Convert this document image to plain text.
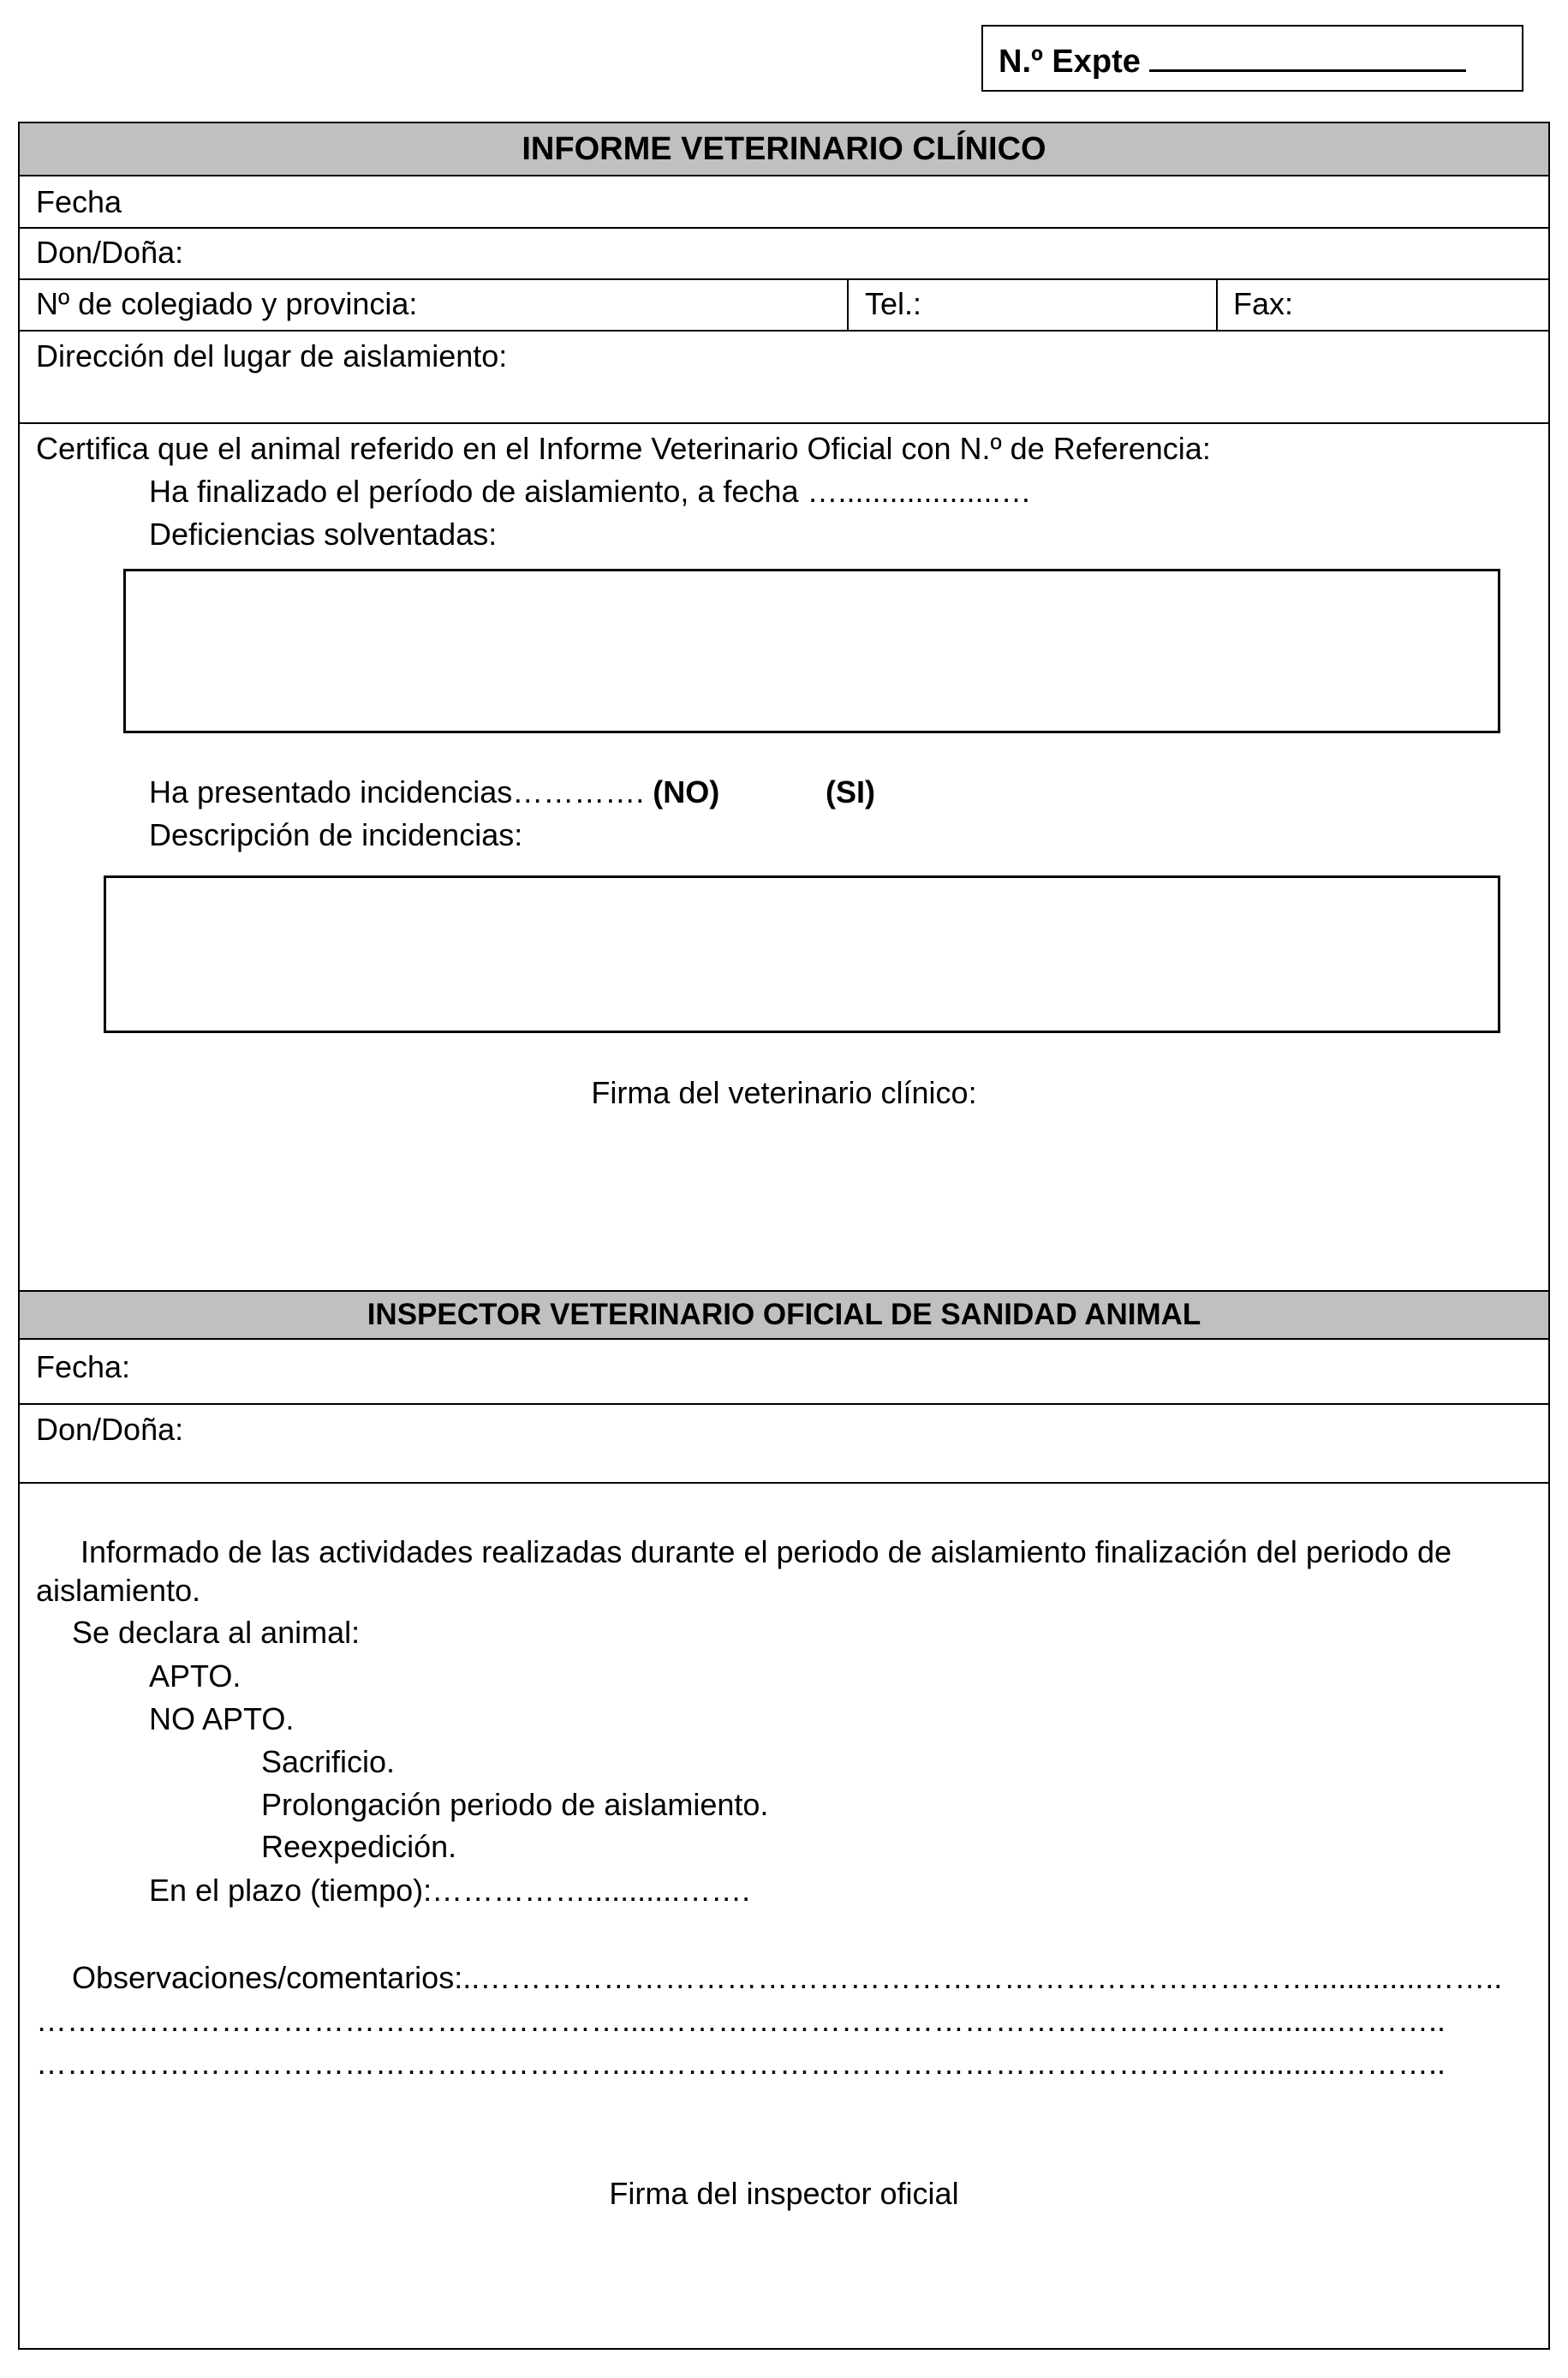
N.º Expte
INFORME VETERINARIO CLÍNICO
Fecha
Don/Doña:
Nº de colegiado y provincia:	Tel.:	Fax:
Dirección del lugar de aislamiento:
Certifica que el animal referido en el Informe Veterinario Oficial con N.º de Referencia:
Ha finalizado el período de aislamiento, a fecha …...................…
Deficiencias solventadas:
Ha presentado incidencias…………. (NO)	(SI)
Descripción de incidencias:
Firma del veterinario clínico:
INSPECTOR VETERINARIO OFICIAL DE SANIDAD ANIMAL
Fecha:
Don/Doña:
Informado de las actividades realizadas durante el periodo de aislamiento finalización del periodo de
aislamiento.
Se declara al animal:
APTO.
NO APTO.
Sacrificio.
Prolongación periodo de aislamiento.
Reexpedición.
En el plazo (tiempo):……………...........…….
Observaciones/comentarios:..……………………………………………………………………….............……..
…………………………………………………....…………………………………………………...........………..
…………………………………………………....…………………………………………………...........………..
Firma del inspector oficial
